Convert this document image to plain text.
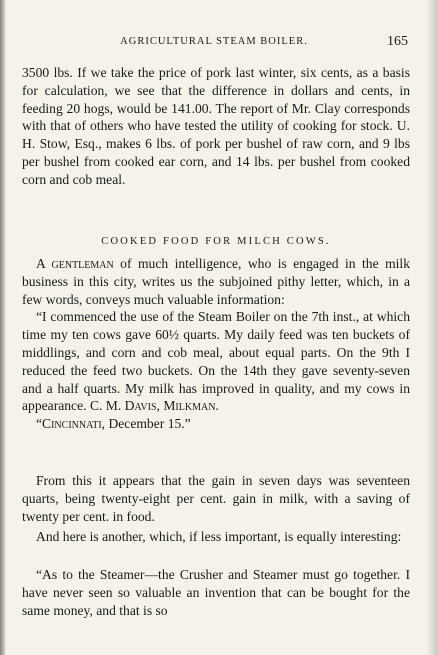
AGRICULTURAL STEAM BOILER.	165

3500 lbs. If we take the price of pork last winter, six cents, as a basis for calculation, we see that the difference in dollars and cents, in feeding 20 hogs, would be 141.00. The report of Mr. Clay corresponds with that of others who have tested the utility of cooking for stock. U. H. Stow, Esq., makes 6 lbs. of pork per bushel of raw corn, and 9 lbs per bushel from cooked ear corn, and 14 lbs. per bushel from cooked corn and cob meal.

COOKED FOOD FOR MILCH COWS.

A gentleman of much intelligence, who is engaged in the milk business in this city, writes us the subjoined pithy letter, which, in a few words, conveys much valuable information:

“I commenced the use of the Steam Boiler on the 7th inst., at which time my ten cows gave 60½ quarts. My daily feed was ten buckets of middlings, and corn and cob meal, about equal parts. On the 9th I reduced the feed two buckets. On the 14th they gave seventy-seven and a half quarts. My milk has improved in quality, and my cows in appearance. C. M. Davis, Milkman.

“Cincinnati, December 15.”

From this it appears that the gain in seven days was seventeen quarts, being twenty-eight per cent. gain in milk, with a saving of twenty per cent. in food.

And here is another, which, if less important, is equally interesting:

“As to the Steamer—the Crusher and Steamer must go together. I have never seen so valuable an invention that can be bought for the same money, and that is so
